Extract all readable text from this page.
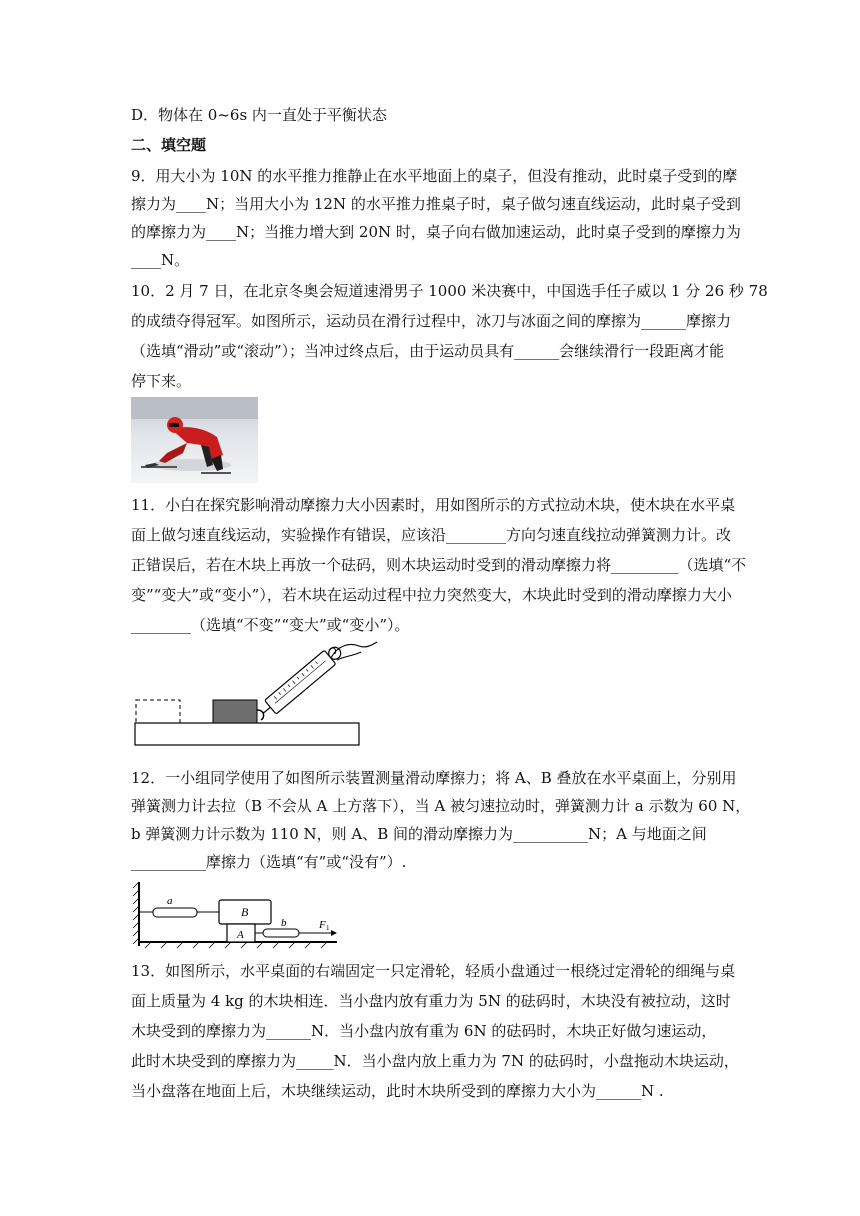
D．物体在 0~6s 内一直处于平衡状态
二、填空题
9．用大小为 10N 的水平推力推静止在水平地面上的桌子，但没有推动，此时桌子受到的摩
擦力为____N；当用大小为 12N 的水平推力推桌子时，桌子做匀速直线运动，此时桌子受到
的摩擦力为____N；当推力增大到 20N 时，桌子向右做加速运动，此时桌子受到的摩擦力为
____N。
10．2 月 7 日，在北京冬奥会短道速滑男子 1000 米决赛中，中国选手任子威以 1 分 26 秒 78
的成绩夺得冠军。如图所示，运动员在滑行过程中，冰刀与冰面之间的摩擦为______摩擦力
（选填“滑动”或“滚动”）；当冲过终点后，由于运动员具有______会继续滑行一段距离才能
停下来。
11．小白在探究影响滑动摩擦力大小因素时，用如图所示的方式拉动木块，使木块在水平桌
面上做匀速直线运动，实验操作有错误，应该沿________方向匀速直线拉动弹簧测力计。改
正错误后，若在木块上再放一个砝码，则木块运动时受到的滑动摩擦力将_________（选填“不
变”“变大”或“变小”），若木块在运动过程中拉力突然变大，木块此时受到的滑动摩擦力大小
________（选填“不变”“变大”或“变小”）。
12．一小组同学使用了如图所示装置测量滑动摩擦力；将 A、B 叠放在水平桌面上，分别用
弹簧测力计去拉（B 不会从 A 上方落下），当 A 被匀速拉动时，弹簧测力计 a 示数为 60 N，
b 弹簧测力计示数为 110 N，则 A、B 间的滑动摩擦力为__________N；A 与地面之间
__________摩擦力（选填“有”或“没有”）.
a
B
A
b	F 1
13．如图所示，水平桌面的右端固定一只定滑轮，轻质小盘通过一根绕过定滑轮的细绳与桌
面上质量为 4 kg 的木块相连．当小盘内放有重力为 5N 的砝码时，木块没有被拉动，这时
木块受到的摩擦力为______N．当小盘内放有重为 6N 的砝码时，木块正好做匀速运动，
此时木块受到的摩擦力为_____N．当小盘内放上重力为 7N 的砝码时，小盘拖动木块运动，
当小盘落在地面上后，木块继续运动，此时木块所受到的摩擦力大小为______N .
